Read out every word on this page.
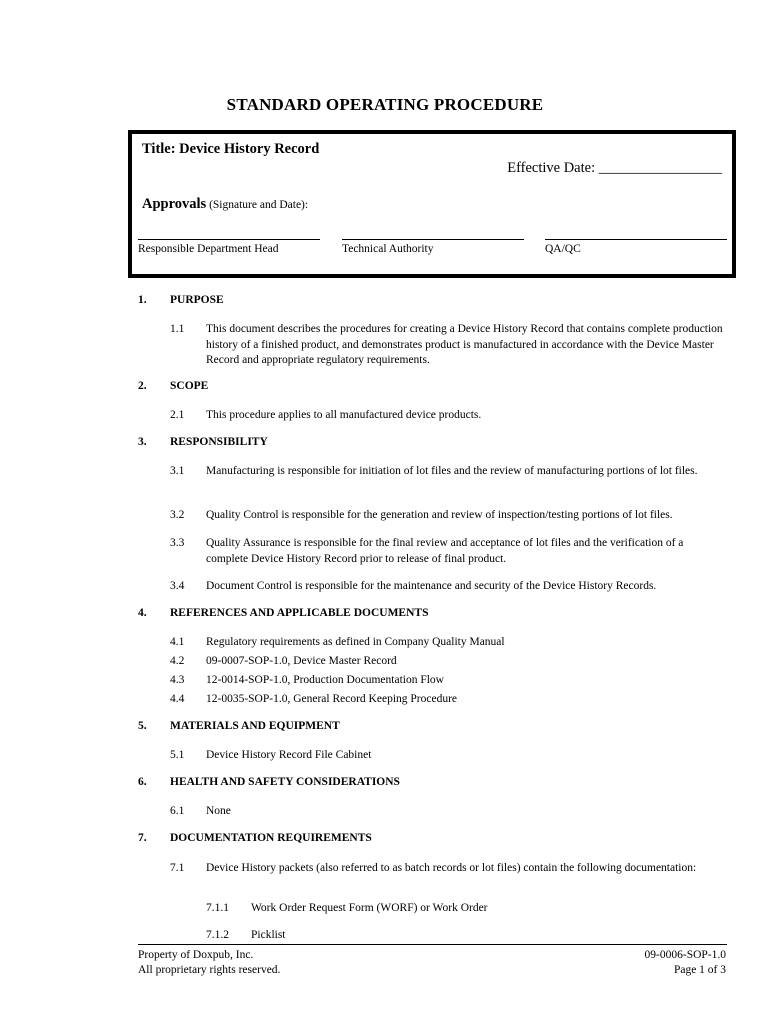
STANDARD OPERATING PROCEDURE
Title: Device History Record
Effective Date: _________________
Approvals (Signature and Date):
Responsible Department Head	Technical Authority	QA/QC
1. PURPOSE
1.1 This document describes the procedures for creating a Device History Record that contains complete production history of a finished product, and demonstrates product is manufactured in accordance with the Device Master Record and appropriate regulatory requirements.
2. SCOPE
2.1 This procedure applies to all manufactured device products.
3. RESPONSIBILITY
3.1 Manufacturing is responsible for initiation of lot files and the review of manufacturing portions of lot files.
3.2 Quality Control is responsible for the generation and review of inspection/testing portions of lot files.
3.3 Quality Assurance is responsible for the final review and acceptance of lot files and the verification of a complete Device History Record prior to release of final product.
3.4 Document Control is responsible for the maintenance and security of the Device History Records.
4. REFERENCES AND APPLICABLE DOCUMENTS
4.1 Regulatory requirements as defined in Company Quality Manual
4.2 09-0007-SOP-1.0, Device Master Record
4.3 12-0014-SOP-1.0, Production Documentation Flow
4.4 12-0035-SOP-1.0, General Record Keeping Procedure
5. MATERIALS AND EQUIPMENT
5.1 Device History Record File Cabinet
6. HEALTH AND SAFETY CONSIDERATIONS
6.1 None
7. DOCUMENTATION REQUIREMENTS
7.1 Device History packets (also referred to as batch records or lot files) contain the following documentation:
7.1.1 Work Order Request Form (WORF) or Work Order
7.1.2 Picklist
Property of Doxpub, Inc.
All proprietary rights reserved.
09-0006-SOP-1.0
Page 1 of 3
